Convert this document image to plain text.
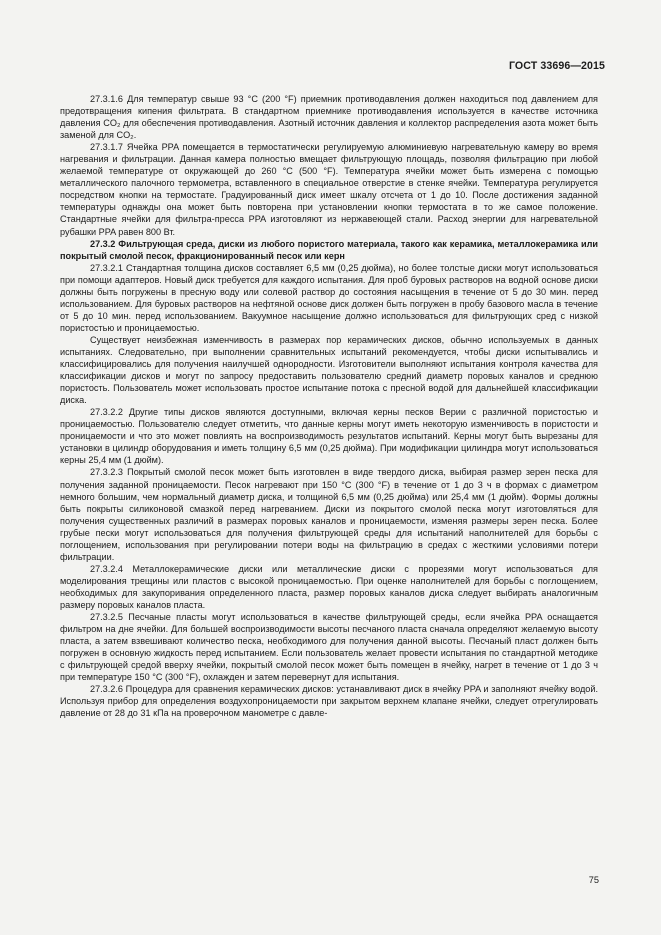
ГОСТ 33696—2015

27.3.1.6 Для температур свыше 93 °C (200 °F) приемник противодавления должен находиться под давлением для предотвращения кипения фильтрата. В стандартном приемнике противодавления используется в качестве источника давления CO₂ для обеспечения противодавления. Азотный источник давления и коллектор распределения азота может быть заменой для CO₂.

27.3.1.7 Ячейка PPA помещается в термостатически регулируемую алюминиевую нагревательную камеру во время нагревания и фильтрации. Данная камера полностью вмещает фильтрующую площадь, позволяя фильтрацию при любой желаемой температуре от окружающей до 260 °C (500 °F). Температура ячейки может быть измерена с помощью металлического палочного термометра, вставленного в специальное отверстие в стенке ячейки. Температура регулируется посредством кнопки на термостате. Градуированный диск имеет шкалу отсчета от 1 до 10. После достижения заданной температуры однажды она может быть повторена при установлении кнопки термостата в то же самое положение. Стандартные ячейки для фильтра-пресса PPA изготовляют из нержавеющей стали. Расход энергии для нагревательной рубашки PPA равен 800 Вт.

27.3.2 Фильтрующая среда, диски из любого пористого материала, такого как керамика, металлокерамика или покрытый смолой песок, фракционированный песок или керн

27.3.2.1 Стандартная толщина дисков составляет 6,5 мм (0,25 дюйма), но более толстые диски могут использоваться при помощи адаптеров. Новый диск требуется для каждого испытания. Для проб буровых растворов на водной основе диски должны быть погружены в пресную воду или солевой раствор до состояния насыщения в течение от 5 до 30 мин. перед использованием. Для буровых растворов на нефтяной основе диск должен быть погружен в пробу базового масла в течение от 5 до 10 мин. перед использованием. Вакуумное насыщение должно использоваться для фильтрующих сред с низкой пористостью и проницаемостью.

Существует неизбежная изменчивость в размерах пор керамических дисков, обычно используемых в данных испытаниях. Следовательно, при выполнении сравнительных испытаний рекомендуется, чтобы диски испытывались и классифицировались для получения наилучшей однородности. Изготовители выполняют испытания контроля качества для классификации дисков и могут по запросу предоставить пользователю средний диаметр поровых каналов и среднюю пористость. Пользователь может использовать простое испытание потока с пресной водой для дальнейшей классификации диска.

27.3.2.2 Другие типы дисков являются доступными, включая керны песков Верии с различной пористостью и проницаемостью. Пользователю следует отметить, что данные керны могут иметь некоторую изменчивость в пористости и проницаемости и что это может повлиять на воспроизводимость результатов испытаний. Керны могут быть вырезаны для установки в цилиндр оборудования и иметь толщину 6,5 мм (0,25 дюйма). При модификации цилиндра могут использоваться керны 25,4 мм (1 дюйм).

27.3.2.3 Покрытый смолой песок может быть изготовлен в виде твердого диска, выбирая размер зерен песка для получения заданной проницаемости. Песок нагревают при 150 °C (300 °F) в течение от 1 до 3 ч в формах с диаметром немного большим, чем нормальный диаметр диска, и толщиной 6,5 мм (0,25 дюйма) или 25,4 мм (1 дюйм). Формы должны быть покрыты силиконовой смазкой перед нагреванием. Диски из покрытого смолой песка могут изготовляться для получения существенных различий в размерах поровых каналов и проницаемости, изменяя размеры зерен песка. Более грубые пески могут использоваться для получения фильтрующей среды для испытаний наполнителей для борьбы с поглощением, использования при регулировании потери воды на фильтрацию в средах с жесткими условиями потери фильтрации.

27.3.2.4 Металлокерамические диски или металлические диски с прорезями могут использоваться для моделирования трещины или пластов с высокой проницаемостью. При оценке наполнителей для борьбы с поглощением, необходимых для закупоривания определенного пласта, размер поровых каналов диска следует выбирать аналогичным размеру поровых каналов пласта.

27.3.2.5 Песчаные пласты могут использоваться в качестве фильтрующей среды, если ячейка PPA оснащается фильтром на дне ячейки. Для большей воспроизводимости высоты песчаного пласта сначала определяют желаемую высоту пласта, а затем взвешивают количество песка, необходимого для получения данной высоты. Песчаный пласт должен быть погружен в основную жидкость перед испытанием. Если пользователь желает провести испытания по стандартной методике с фильтрующей средой вверху ячейки, покрытый смолой песок может быть помещен в ячейку, нагрет в течение от 1 до 3 ч при температуре 150 °C (300 °F), охлажден и затем перевернут для испытания.

27.3.2.6 Процедура для сравнения керамических дисков: устанавливают диск в ячейку PPA и заполняют ячейку водой. Используя прибор для определения воздухопроницаемости при закрытом верхнем клапане ячейки, следует отрегулировать давление от 28 до 31 кПа на проверочном манометре с давле-

75
